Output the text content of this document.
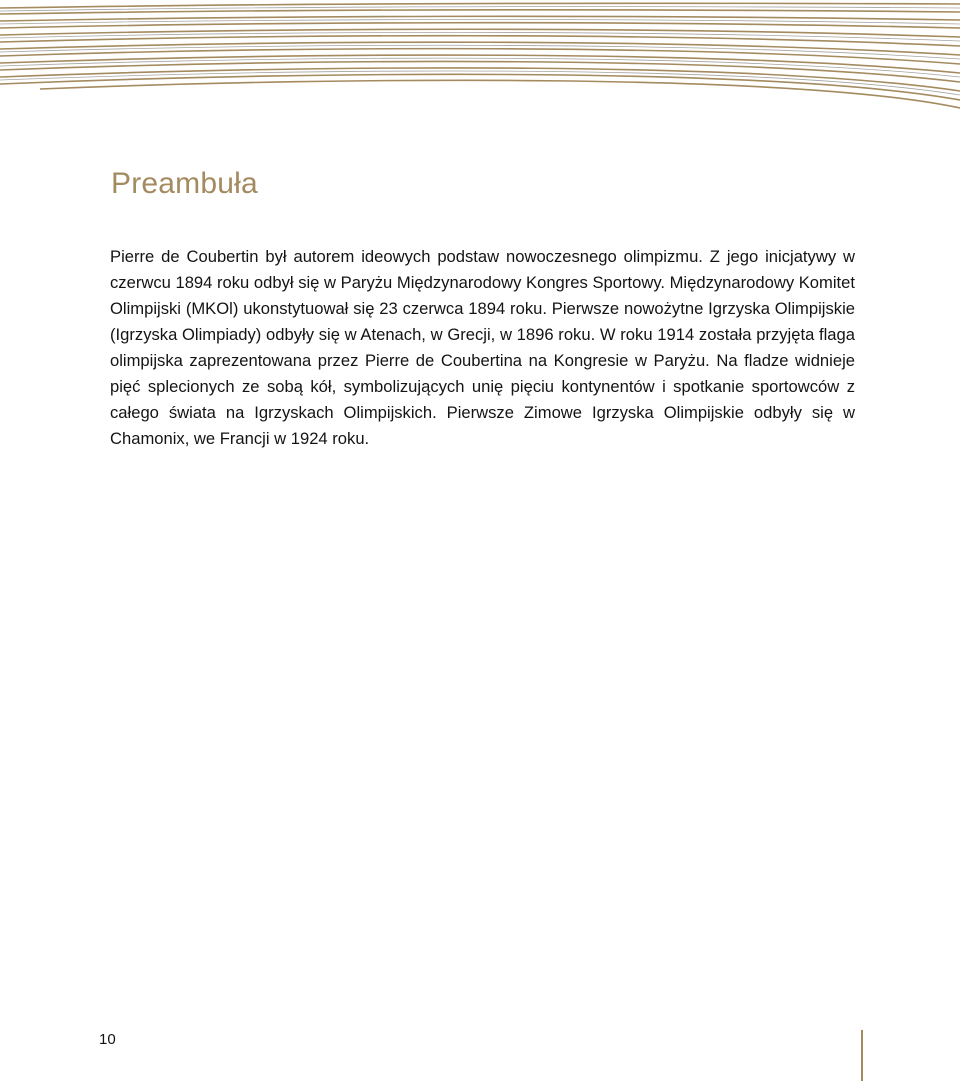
Preambuła

Pierre de Coubertin był autorem ideowych podstaw nowoczesnego olimpizmu. Z jego inicjatywy w czerwcu 1894 roku odbył się w Paryżu Międzynarodowy Kongres Sportowy. Międzynarodowy Komitet Olimpijski (MKOl) ukonstytuował się 23 czerwca 1894 roku. Pierwsze nowożytne Igrzyska Olimpijskie (Igrzyska Olimpiady) odbyły się w Atenach, w Grecji, w 1896 roku. W roku 1914 została przyjęta flaga olimpijska zaprezentowana przez Pierre de Coubertina na Kongresie w Paryżu. Na fladze widnieje pięć splecionych ze sobą kół, symbolizujących unię pięciu kontynentów i spotkanie sportowców z całego świata na Igrzyskach Olimpijskich. Pierwsze Zimowe Igrzyska Olimpijskie odbyły się w Chamonix, we Francji w 1924 roku.

10
